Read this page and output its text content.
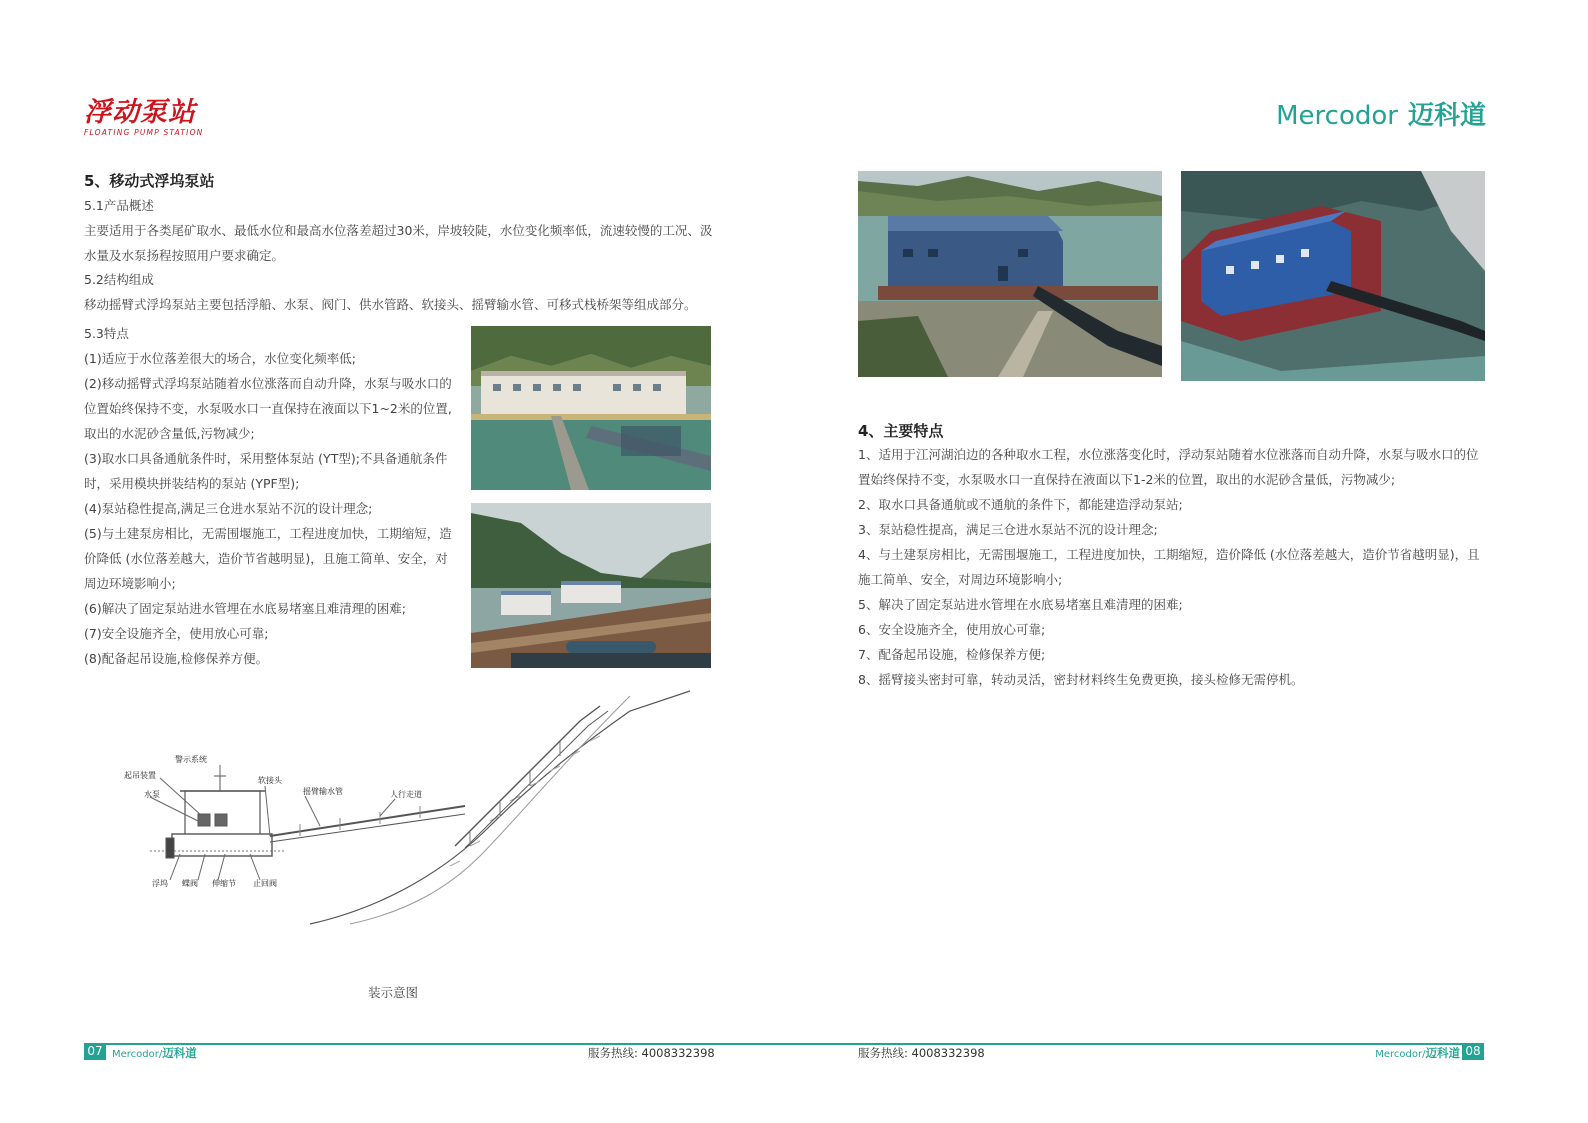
浮动泵站
FLOATING PUMP STATION
Mercodor 迈科道
5、移动式浮坞泵站
5.1产品概述

主要适用于各类尾矿取水、最低水位和最高水位落差超过30米，岸坡较陡，水位变化频率低，流速较慢的工况、汲水量及水泵扬程按照用户要求确定。

5.2结构组成
移动摇臂式浮坞泵站主要包括浮船、水泵、阀门、供水管路、软接头、摇臂输水管、可移式栈桥架等组成部分。
5.3特点

(1)适应于水位落差很大的场合，水位变化频率低;

(2)移动摇臂式浮坞泵站随着水位涨落而自动升降，水泵与吸水口的位置始终保持不变，水泵吸水口一直保持在液面以下1~2米的位置,取出的水泥砂含量低,污物减少;

(3)取水口具备通航条件时，采用整体泵站 (YT型);不具备通航条件时，采用模块拼装结构的泵站 (YPF型);

(4)泵站稳性提高,满足三仓进水泵站不沉的设计理念;

(5)与土建泵房相比，无需围堰施工，工程进度加快，工期缩短，造价降低 (水位落差越大，造价节省越明显)，且施工简单、安全，对周边环境影响小;

(6)解决了固定泵站进水管埋在水底易堵塞且难清理的困难;

(7)安全设施齐全，使用放心可靠;

(8)配备起吊设施,检修保养方便。

警示系统
起吊装置
水泵
软接头
摇臂输水管	人行走道
浮坞 蝶阀 伸缩节 止回阀
装示意图
4、主要特点

1、适用于江河湖泊边的各种取水工程，水位涨落变化时，浮动泵站随着水位涨落而自动升降，水泵与吸水口的位置始终保持不变，水泵吸水口一直保持在液面以下1-2米的位置，取出的水泥砂含量低，污物减少;

2、取水口具备通航或不通航的条件下，都能建造浮动泵站;

3、泵站稳性提高，满足三仓进水泵站不沉的设计理念;

4、与土建泵房相比，无需围堰施工，工程进度加快，工期缩短，造价降低 (水位落差越大，造价节省越明显)，且施工简单、安全，对周边环境影响小;

5、解决了固定泵站进水管埋在水底易堵塞且难清理的困难;

6、安全设施齐全，使用放心可靠;

7、配备起吊设施，检修保养方便;

8、摇臂接头密封可靠，转动灵活，密封材料终生免费更换，接头检修无需停机。

07 Mercodor/迈科道	服务热线: 4008332398	服务热线: 4008332398	Mercodor/迈科道 08
